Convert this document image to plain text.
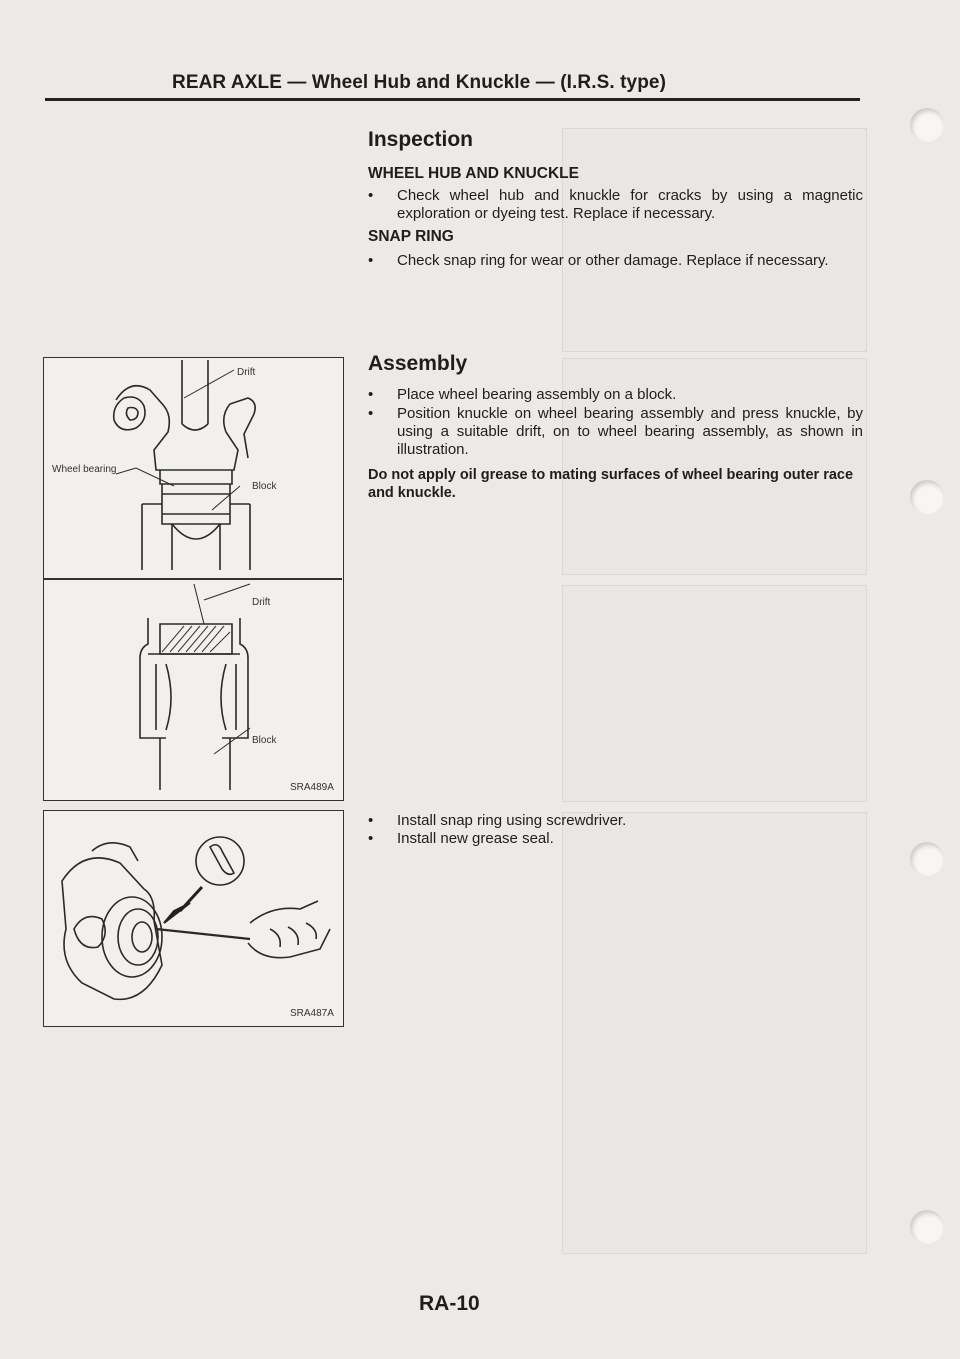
REAR AXLE — Wheel Hub and Knuckle — (I.R.S. type)
Inspection
WHEEL HUB AND KNUCKLE
• Check wheel hub and knuckle for cracks by using a magnetic exploration or dyeing test. Replace if necessary.
SNAP RING
• Check snap ring for wear or other damage. Replace if necessary.
Assembly
• Place wheel bearing assembly on a block.
• Position knuckle on wheel bearing assembly and press knuckle, by using a suitable drift, on to wheel bearing assembly, as shown in illustration.
Do not apply oil grease to mating surfaces of wheel bearing outer race and knuckle.
• Install snap ring using screwdriver.
• Install new grease seal.
Drift
Wheel bearing
Block
Drift
Block
SRA489A
SRA487A
RA-10
